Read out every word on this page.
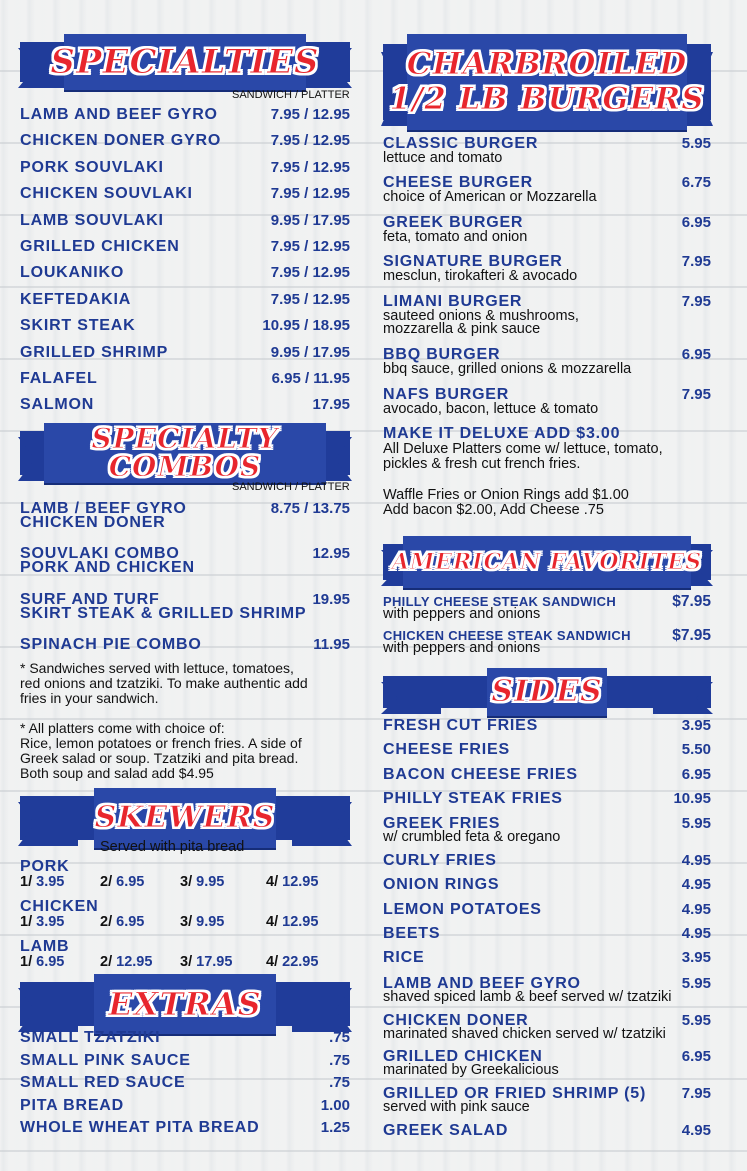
SPECIALTIES
SANDWICH / PLATTER
LAMB AND BEEF GYRO	7.95 / 12.95
CHICKEN DONER GYRO	7.95 / 12.95
PORK SOUVLAKI	7.95 / 12.95
CHICKEN SOUVLAKI	7.95 / 12.95
LAMB SOUVLAKI	9.95 / 17.95
GRILLED CHICKEN	7.95 / 12.95
LOUKANIKO	7.95 / 12.95
KEFTEDAKIA	7.95 / 12.95
SKIRT STEAK	10.95 / 18.95
GRILLED SHRIMP	9.95 / 17.95
FALAFEL	6.95 / 11.95
SALMON	17.95
SPECIALTY COMBOS
SANDWICH / PLATTER
LAMB / BEEF GYRO	8.75 / 13.75
CHICKEN DONER
SOUVLAKI COMBO	12.95
PORK AND CHICKEN
SURF AND TURF	19.95
SKIRT STEAK & GRILLED SHRIMP
SPINACH PIE COMBO	11.95
* Sandwiches served with lettuce, tomatoes,
red onions and tzatziki. To make authentic add
fries in your sandwich.
* All platters come with choice of:
Rice, lemon potatoes or french fries. A side of
Greek salad or soup. Tzatziki and pita bread.
Both soup and salad add $4.95
SKEWERS
Served with pita bread
PORK
1/ 3.95 2/ 6.95 3/ 9.95	4/ 12.95
CHICKEN
1/ 3.95 2/ 6.95 3/ 9.95	4/ 12.95
LAMB
1/ 6.95 2/ 12.95 3/ 17.95 4/ 22.95
EXTRAS
SMALL TZATZIKI	.75
SMALL PINK SAUCE	.75
SMALL RED SAUCE	.75
PITA BREAD	1.00
WHOLE WHEAT PITA BREAD	1.25
CHARBROILED
1/2 LB BURGERS
CLASSIC BURGER	5.95
lettuce and tomato
CHEESE BURGER	6.75
choice of American or Mozzarella
GREEK BURGER	6.95
feta, tomato and onion
SIGNATURE BURGER	7.95
mesclun, tirokafteri & avocado
LIMANI BURGER	7.95
sauteed onions & mushrooms,
mozzarella & pink sauce
BBQ BURGER	6.95
bbq sauce, grilled onions & mozzarella
NAFS BURGER	7.95
avocado, bacon, lettuce & tomato
MAKE IT DELUXE ADD $3.00
All Deluxe Platters come w/ lettuce, tomato,
pickles & fresh cut french fries.
Waffle Fries or Onion Rings add $1.00
Add bacon $2.00, Add Cheese .75
AMERICAN FAVORITES
PHILLY CHEESE STEAK SANDWICH	$7.95
with peppers and onions
CHICKEN CHEESE STEAK SANDWICH	$7.95
with peppers and onions
SIDES
FRESH CUT FRIES	3.95
CHEESE FRIES	5.50
BACON CHEESE FRIES	6.95
PHILLY STEAK FRIES	10.95
GREEK FRIES	5.95
w/ crumbled feta & oregano
CURLY FRIES	4.95
ONION RINGS	4.95
LEMON POTATOES	4.95
BEETS	4.95
RICE	3.95
LAMB AND BEEF GYRO	5.95
shaved spiced lamb & beef served w/ tzatziki
CHICKEN DONER	5.95
marinated shaved chicken served w/ tzatziki
GRILLED CHICKEN	6.95
marinated by Greekalicious
GRILLED OR FRIED SHRIMP (5) 7.95
served with pink sauce
GREEK SALAD	4.95
